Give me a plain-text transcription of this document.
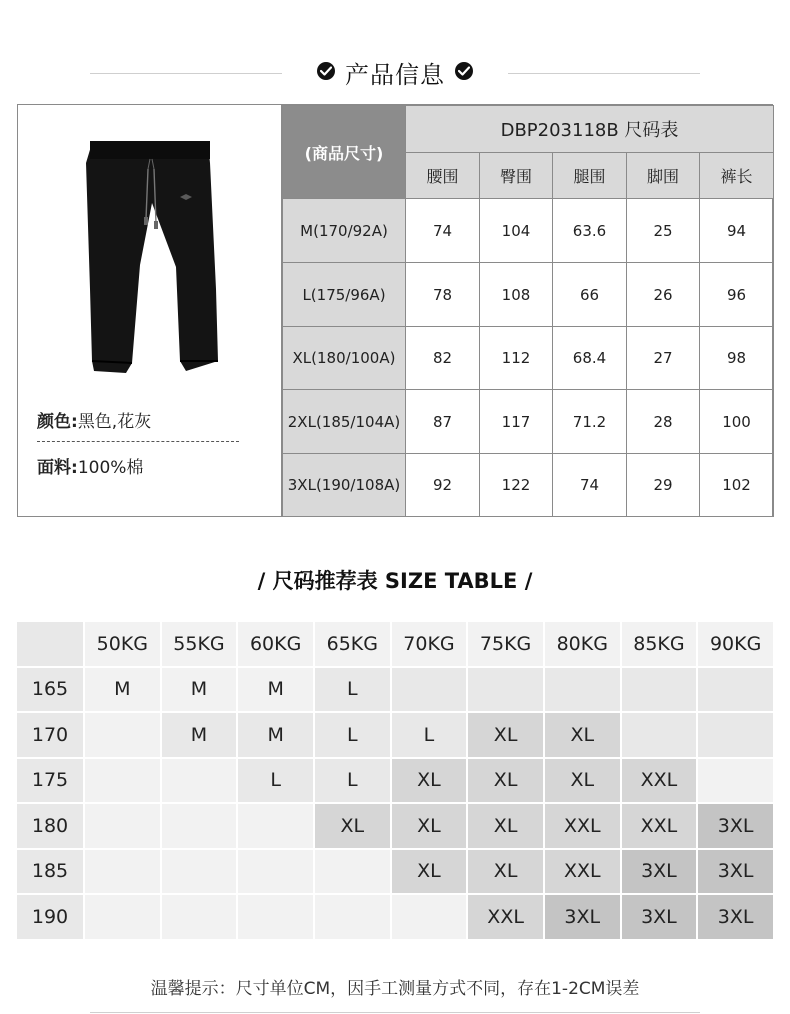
产品信息
颜色:黑色,花灰
面料:100%棉
(商品尺寸)	DBP203118B 尺码表				
	腰围	臀围	腿围	脚围	裤长
M(170/92A)	74	104	63.6	25	94
L(175/96A)	78	108	66	26	96
XL(180/100A)	82	112	68.4	27	98
2XL(185/104A)	87	117	71.2	28	100
3XL(190/108A)	92	122	74	29	102
/ 尺码推荐表 SIZE TABLE /
	50KG	55KG	60KG	65KG	70KG	75KG	80KG	85KG	90KG
165	M	M	M	L					
170		M	M	L	L	XL	XL		
175			L	L	XL	XL	XL	XXL	
180				XL	XL	XL	XXL	XXL	3XL
185					XL	XL	XXL	3XL	3XL
190						XXL	3XL	3XL	3XL
温馨提示：尺寸单位CM，因手工测量方式不同，存在1-2CM误差
